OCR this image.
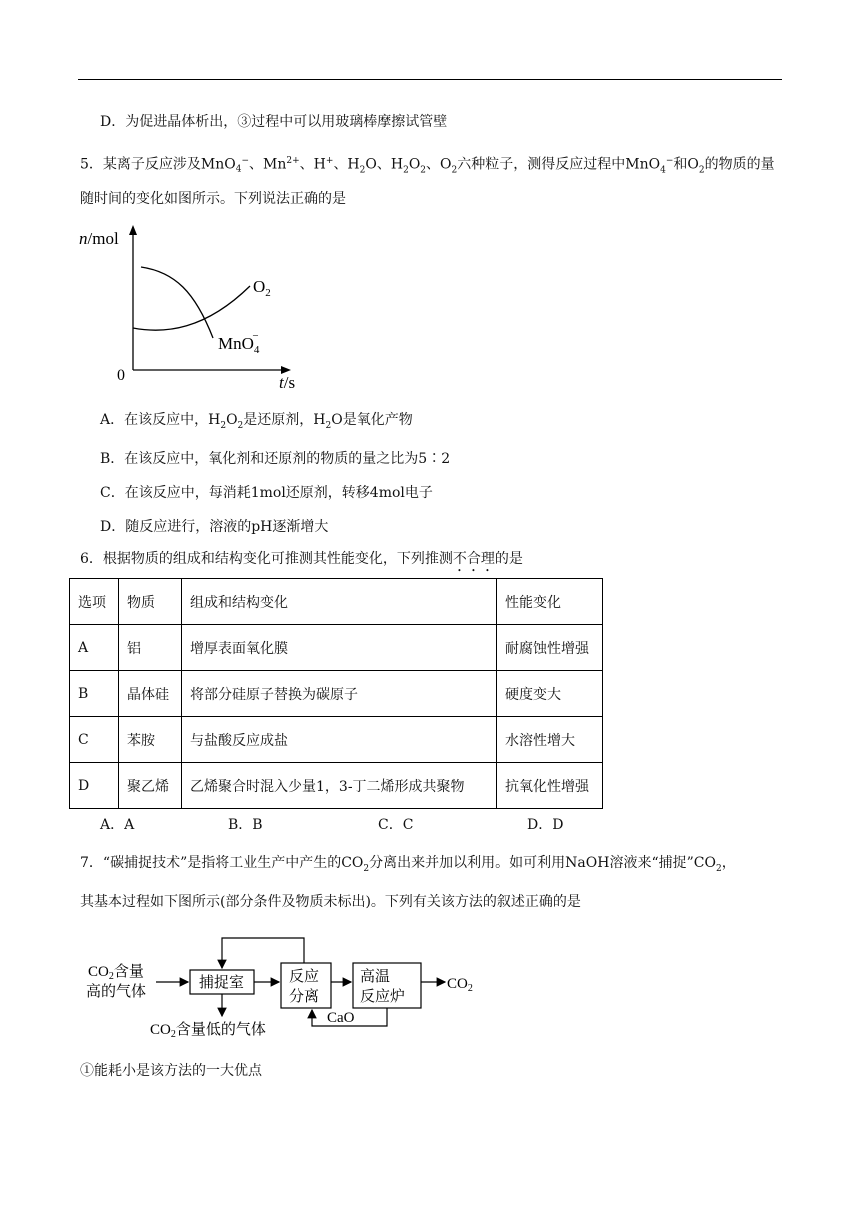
D．为促进晶体析出，③过程中可以用玻璃棒摩擦试管壁
5．某离子反应涉及MnO$_4$−、$Mn^{2+}$、H+、$H_2O$、$H_2O_2$、$O_2$六种粒子，测得反应过程中MnO$_4$−和$O_2$的物质的量
随时间的变化如图所示。下列说法正确的是
n/mol
0	t/s
$O_2$
MnO$_4$−
A．在该反应中，$H_2O_2$是还原剂，$H_2O$是氧化产物
B．在该反应中，氧化剂和还原剂的物质的量之比为5∶2
C．在该反应中，每消耗1mol还原剂，转移4mol电子
D．随反应进行，溶液的pH逐渐增大
6．根据物质的组成和结构变化可推测其性能变化，下列推测不合理的是
选项	物质	组成和结构变化	性能变化
A	铝	增厚表面氧化膜	耐腐蚀性增强
B	晶体硅	将部分硅原子替换为碳原子	硬度变大
C	苯胺	与盐酸反应成盐	水溶性增大
D	聚乙烯	乙烯聚合时混入少量1，3-丁二烯形成共聚物	抗氧化性增强
A．A	B．B	C．C	D．D
7．“碳捕捉技术”是指将工业生产中产生的$CO_2$分离出来并加以利用。如可利用NaOH溶液来“捕捉$”CO_2$，
其基本过程如下图所示(部分条件及物质未标出)。下列有关该方法的叙述正确的是
$CO_2$含量
高的气体
捕捉室	反应
分离
高温
反应炉
$CO_2$
CaO
$CO_2$含量低的气体
①能耗小是该方法的一大优点
